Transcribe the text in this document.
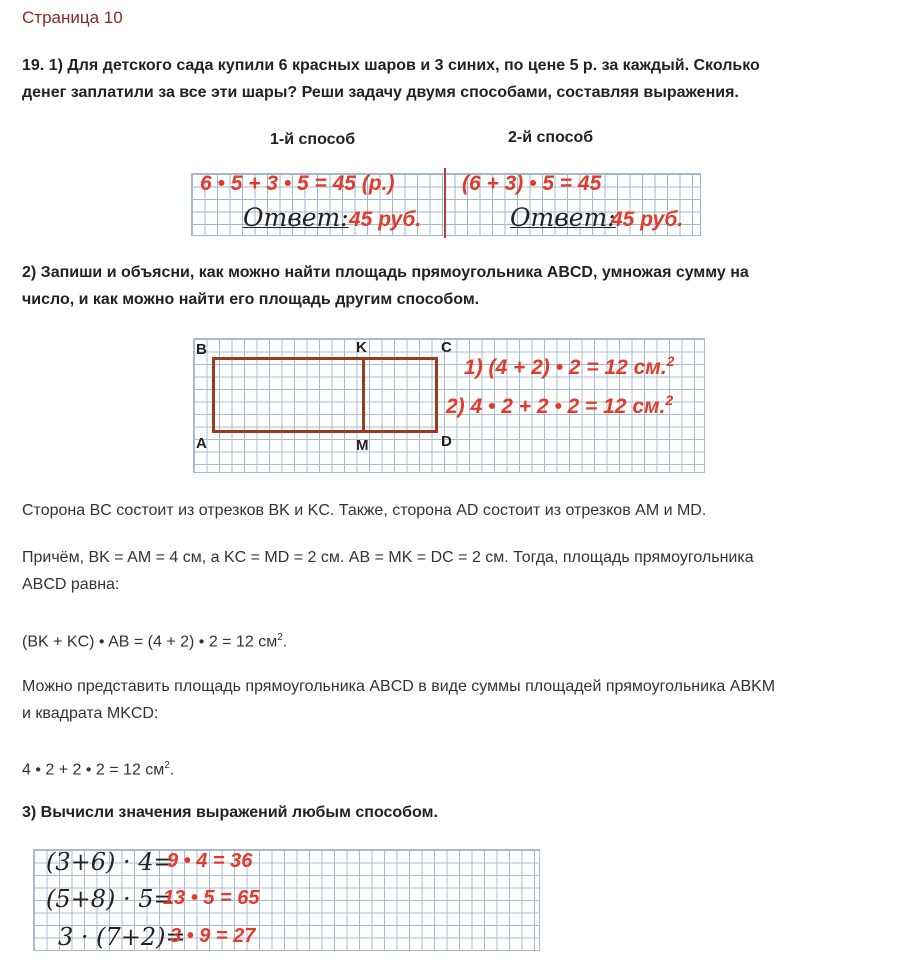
Страница 10
19. 1) Для детского сада купили 6 красных шаров и 3 синих, по цене 5 р. за каждый. Сколько
денег заплатили за все эти шары? Реши задачу двумя способами, составляя выражения.
1-й способ	2-й способ
6 • 5 + 3 • 5 = 45 (р.)	(6 + 3) • 5 = 45
Ответ: 45 руб.	Ответ:
45 руб.
2) Запиши и объясни, как можно найти площадь прямоугольника ABCD, умножая сумму на
число, и как можно найти его площадь другим способом.
B	K	C
A	M	D
1) (4 + 2) • 2 = 12 см.$^2$
2) 4 • 2 + 2 • 2 = 12 см.$^2$
Сторона BC состоит из отрезков BK и KC. Также, сторона AD состоит из отрезков AM и MD.
Причём, BK = AM = 4 см, а KC = MD = 2 см. AB = MK = DC = 2 см. Тогда, площадь прямоугольника
ABCD равна:
(BK + KC) • AB = (4 + 2) • 2 = 12 $см^2$.
Можно представить площадь прямоугольника ABCD в виде суммы площадей прямоугольника ABKM
и квадрата MKCD:
4 • 2 + 2 • 2 = 12 $см^2$.
3) Вычисли значения выражений любым способом.
(3+6) · 4=
9 • 4 = 36
(5+8) · 5=
13 • 5 = 65
3 · (7+2)=
3 • 9 = 27
